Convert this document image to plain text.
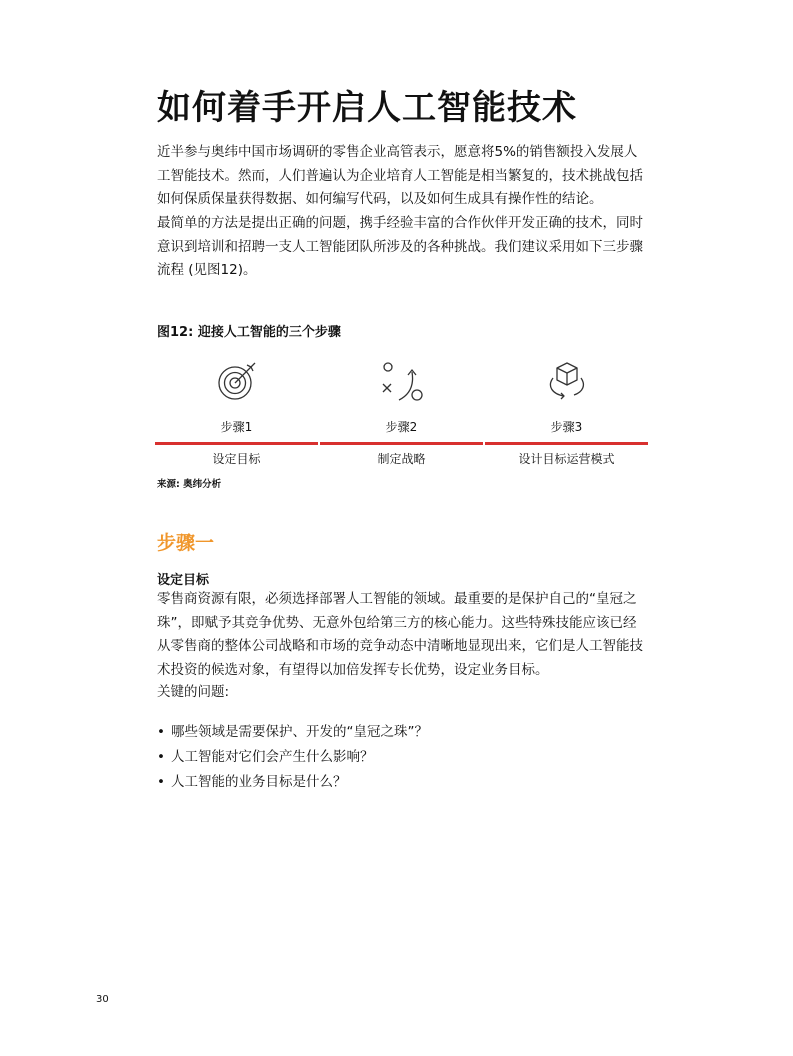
如何着手开启人工智能技术

近半参与奥纬中国市场调研的零售企业高管表示，愿意将5%的销售额投入发展人工智能技术。然而，人们普遍认为企业培育人工智能是相当繁复的，技术挑战包括如何保质保量获得数据、如何编写代码，以及如何生成具有操作性的结论。

最简单的方法是提出正确的问题，携手经验丰富的合作伙伴开发正确的技术，同时意识到培训和招聘一支人工智能团队所涉及的各种挑战。我们建议采用如下三步骤流程 (见图12)。

图12: 迎接人工智能的三个步骤
步骤1
设定目标
步骤2
制定战略
步骤3
设计目标运营模式
来源: 奥纬分析
步骤一
设定目标

零售商资源有限，必须选择部署人工智能的领域。最重要的是保护自己的“皇冠之珠”，即赋予其竞争优势、无意外包给第三方的核心能力。这些特殊技能应该已经从零售商的整体公司战略和市场的竞争动态中清晰地显现出来，它们是人工智能技术投资的候选对象，有望得以加倍发挥专长优势，设定业务目标。

关键的问题:

• 哪些领域是需要保护、开发的“皇冠之珠”？
• 人工智能对它们会产生什么影响？
• 人工智能的业务目标是什么？
30
